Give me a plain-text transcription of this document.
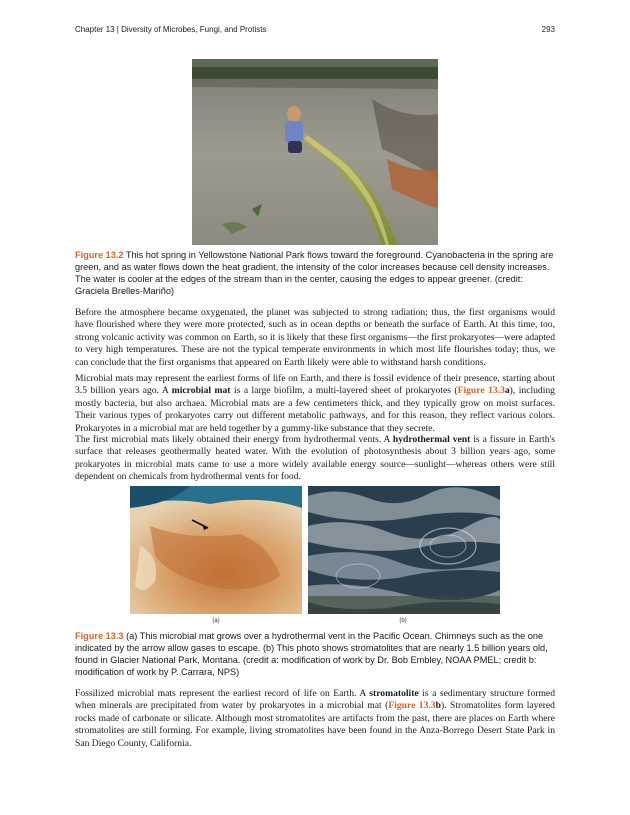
Chapter 13 | Diversity of Microbes, Fungi, and Protists	293
Figure 13.2 This hot spring in Yellowstone National Park flows toward the foreground. Cyanobacteria in the spring are green, and as water flows down the heat gradient, the intensity of the color increases because cell density increases. The water is cooler at the edges of the stream than in the center, causing the edges to appear greener. (credit: Graciela Brelles-Mariño)

Before the atmosphere became oxygenated, the planet was subjected to strong radiation; thus, the first organisms would have flourished where they were more protected, such as in ocean depths or beneath the surface of Earth. At this time, too, strong volcanic activity was common on Earth, so it is likely that these first organisms—the first prokaryotes—were adapted to very high temperatures. These are not the typical temperate environments in which most life flourishes today; thus, we can conclude that the first organisms that appeared on Earth likely were able to withstand harsh conditions.

Microbial mats may represent the earliest forms of life on Earth, and there is fossil evidence of their presence, starting about 3.5 billion years ago. A microbial mat is a large biofilm, a multi-layered sheet of prokaryotes (Figure 13.3a), including mostly bacteria, but also archaea. Microbial mats are a few centimeters thick, and they typically grow on moist surfaces. Their various types of prokaryotes carry out different metabolic pathways, and for this reason, they reflect various colors. Prokaryotes in a microbial mat are held together by a gummy-like substance that they secrete.

The first microbial mats likely obtained their energy from hydrothermal vents. A hydrothermal vent is a fissure in Earth's surface that releases geothermally heated water. With the evolution of photosynthesis about 3 billion years ago, some prokaryotes in microbial mats came to use a more widely available energy source—sunlight—whereas others were still dependent on chemicals from hydrothermal vents for food.

(a)	(b)
Figure 13.3 (a) This microbial mat grows over a hydrothermal vent in the Pacific Ocean. Chimneys such as the one indicated by the arrow allow gases to escape. (b) This photo shows stromatolites that are nearly 1.5 billion years old, found in Glacier National Park, Montana. (credit a: modification of work by Dr. Bob Embley, NOAA PMEL; credit b: modification of work by P. Carrara, NPS)

Fossilized microbial mats represent the earliest record of life on Earth. A stromatolite is a sedimentary structure formed when minerals are precipitated from water by prokaryotes in a microbial mat (Figure 13.3b). Stromatolites form layered rocks made of carbonate or silicate. Although most stromatolites are artifacts from the past, there are places on Earth where stromatolites are still forming. For example, living stromatolites have been found in the Anza-Borrego Desert State Park in San Diego County, California.
